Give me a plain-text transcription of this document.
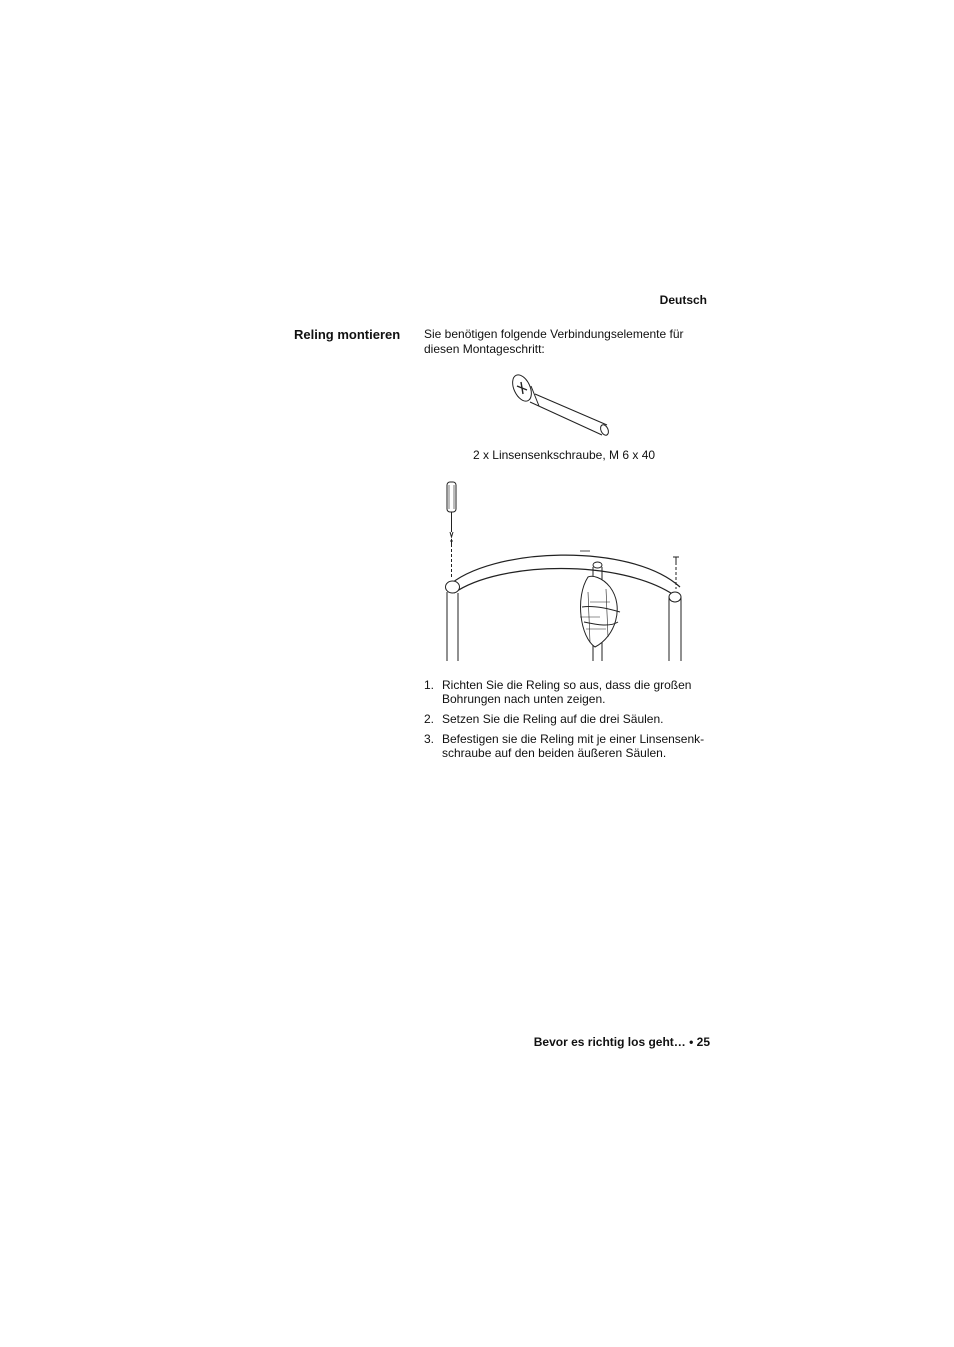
Deutsch
Reling montieren Sie benötigen folgende Verbindungselemente für diesen Montageschritt:
2 x Linsensenkschraube, M 6 x 40
1. Richten Sie die Reling so aus, dass die großen Bohrungen nach unten zeigen.
2. Setzen Sie die Reling auf die drei Säulen.
3. Befestigen sie die Reling mit je einer Linsensenk-schraube auf den beiden äußeren Säulen.
Bevor es richtig los geht… • 25
